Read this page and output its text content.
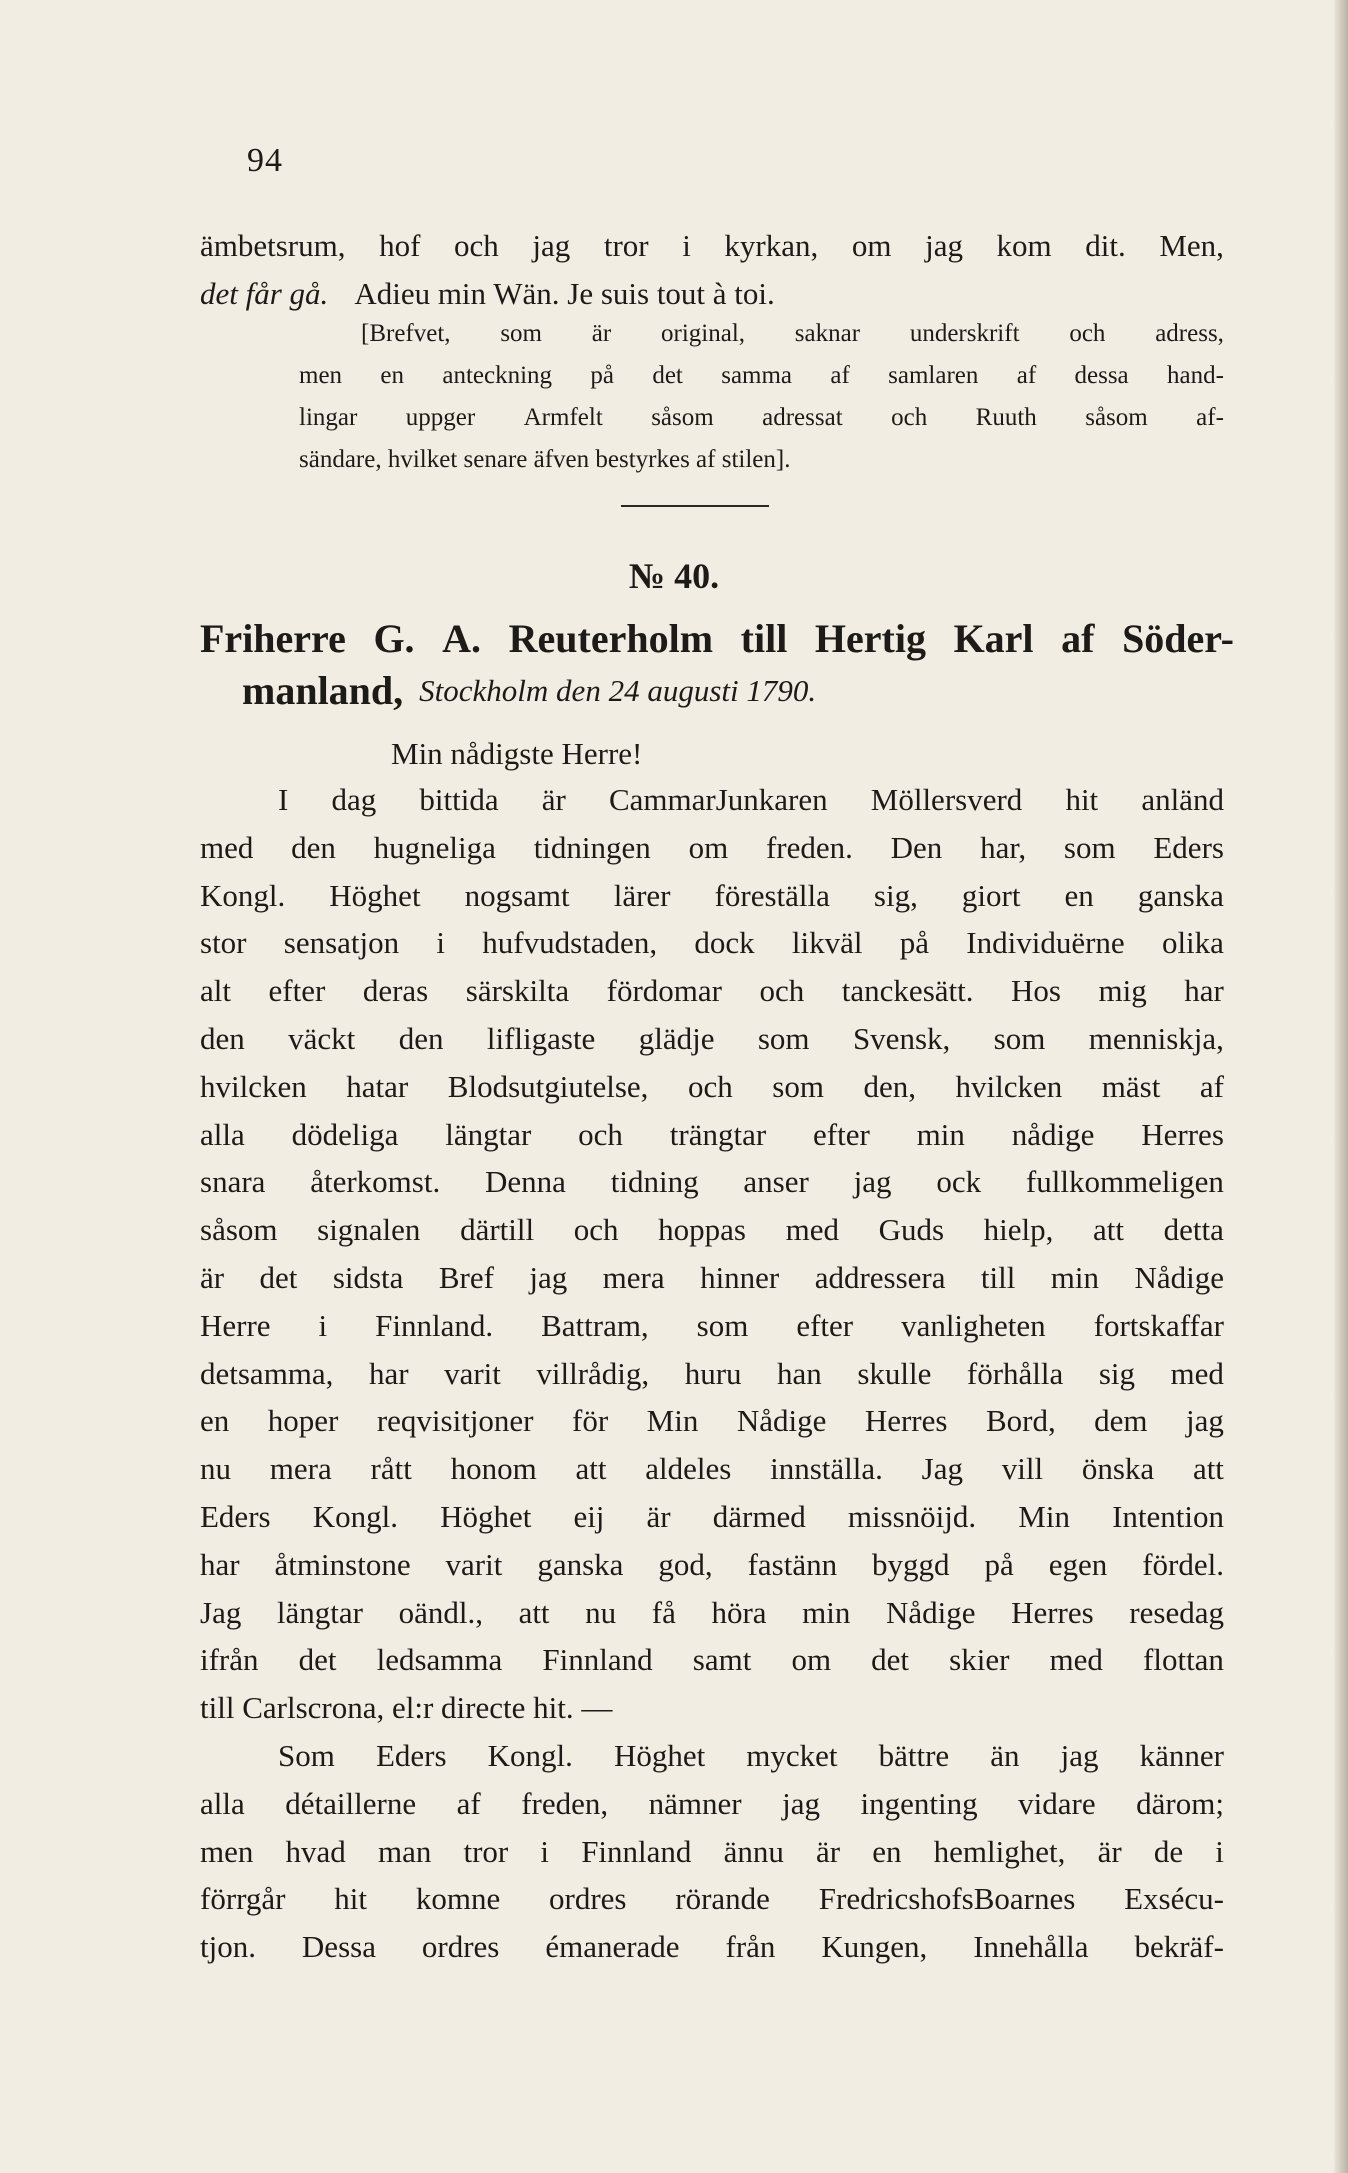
94
ämbetsrum, hof och jag tror i kyrkan, om jag kom dit. Men,
det får gå. Adieu min Wän. Je suis tout à toi.
[Brefvet, som är original, saknar underskrift och adress,
men en anteckning på det samma af samlaren af dessa hand-
lingar uppger Armfelt såsom adressat och Ruuth såsom af-
sändare, hvilket senare äfven bestyrkes af stilen].
№ 40.
Friherre G. A. Reuterholm till Hertig Karl af Söder-
manland, Stockholm den 24 augusti 1790.
Min nådigste Herre!
I dag bittida är CammarJunkaren Möllersverd hit anländ
med den hugneliga tidningen om freden. Den har, som Eders
Kongl. Höghet nogsamt lärer föreställa sig, giort en ganska
stor sensatjon i hufvudstaden, dock likväl på Individuërne olika
alt efter deras särskilta fördomar och tanckesätt. Hos mig har
den väckt den lifligaste glädje som Svensk, som menniskja,
hvilcken hatar Blodsutgiutelse, och som den, hvilcken mäst af
alla dödeliga längtar och trängtar efter min nådige Herres
snara återkomst. Denna tidning anser jag ock fullkommeligen
såsom signalen därtill och hoppas med Guds hielp, att detta
är det sidsta Bref jag mera hinner addressera till min Nådige
Herre i Finnland. Battram, som efter vanligheten fortskaffar
detsamma, har varit villrådig, huru han skulle förhålla sig med
en hoper reqvisitjoner för Min Nådige Herres Bord, dem jag
nu mera rått honom att aldeles innställa. Jag vill önska att
Eders Kongl. Höghet eij är därmed missnöijd. Min Intention
har åtminstone varit ganska god, fastänn byggd på egen fördel.
Jag längtar oändl., att nu få höra min Nådige Herres resedag
ifrån det ledsamma Finnland samt om det skier med flottan
till Carlscrona, el:r directe hit. —
Som Eders Kongl. Höghet mycket bättre än jag känner
alla détaillerne af freden, nämner jag ingenting vidare därom;
men hvad man tror i Finnland ännu är en hemlighet, är de i
förrgår hit komne ordres rörande FredricshofsBoarnes Exsécu-
tjon. Dessa ordres émanerade från Kungen, Innehålla bekräf-
